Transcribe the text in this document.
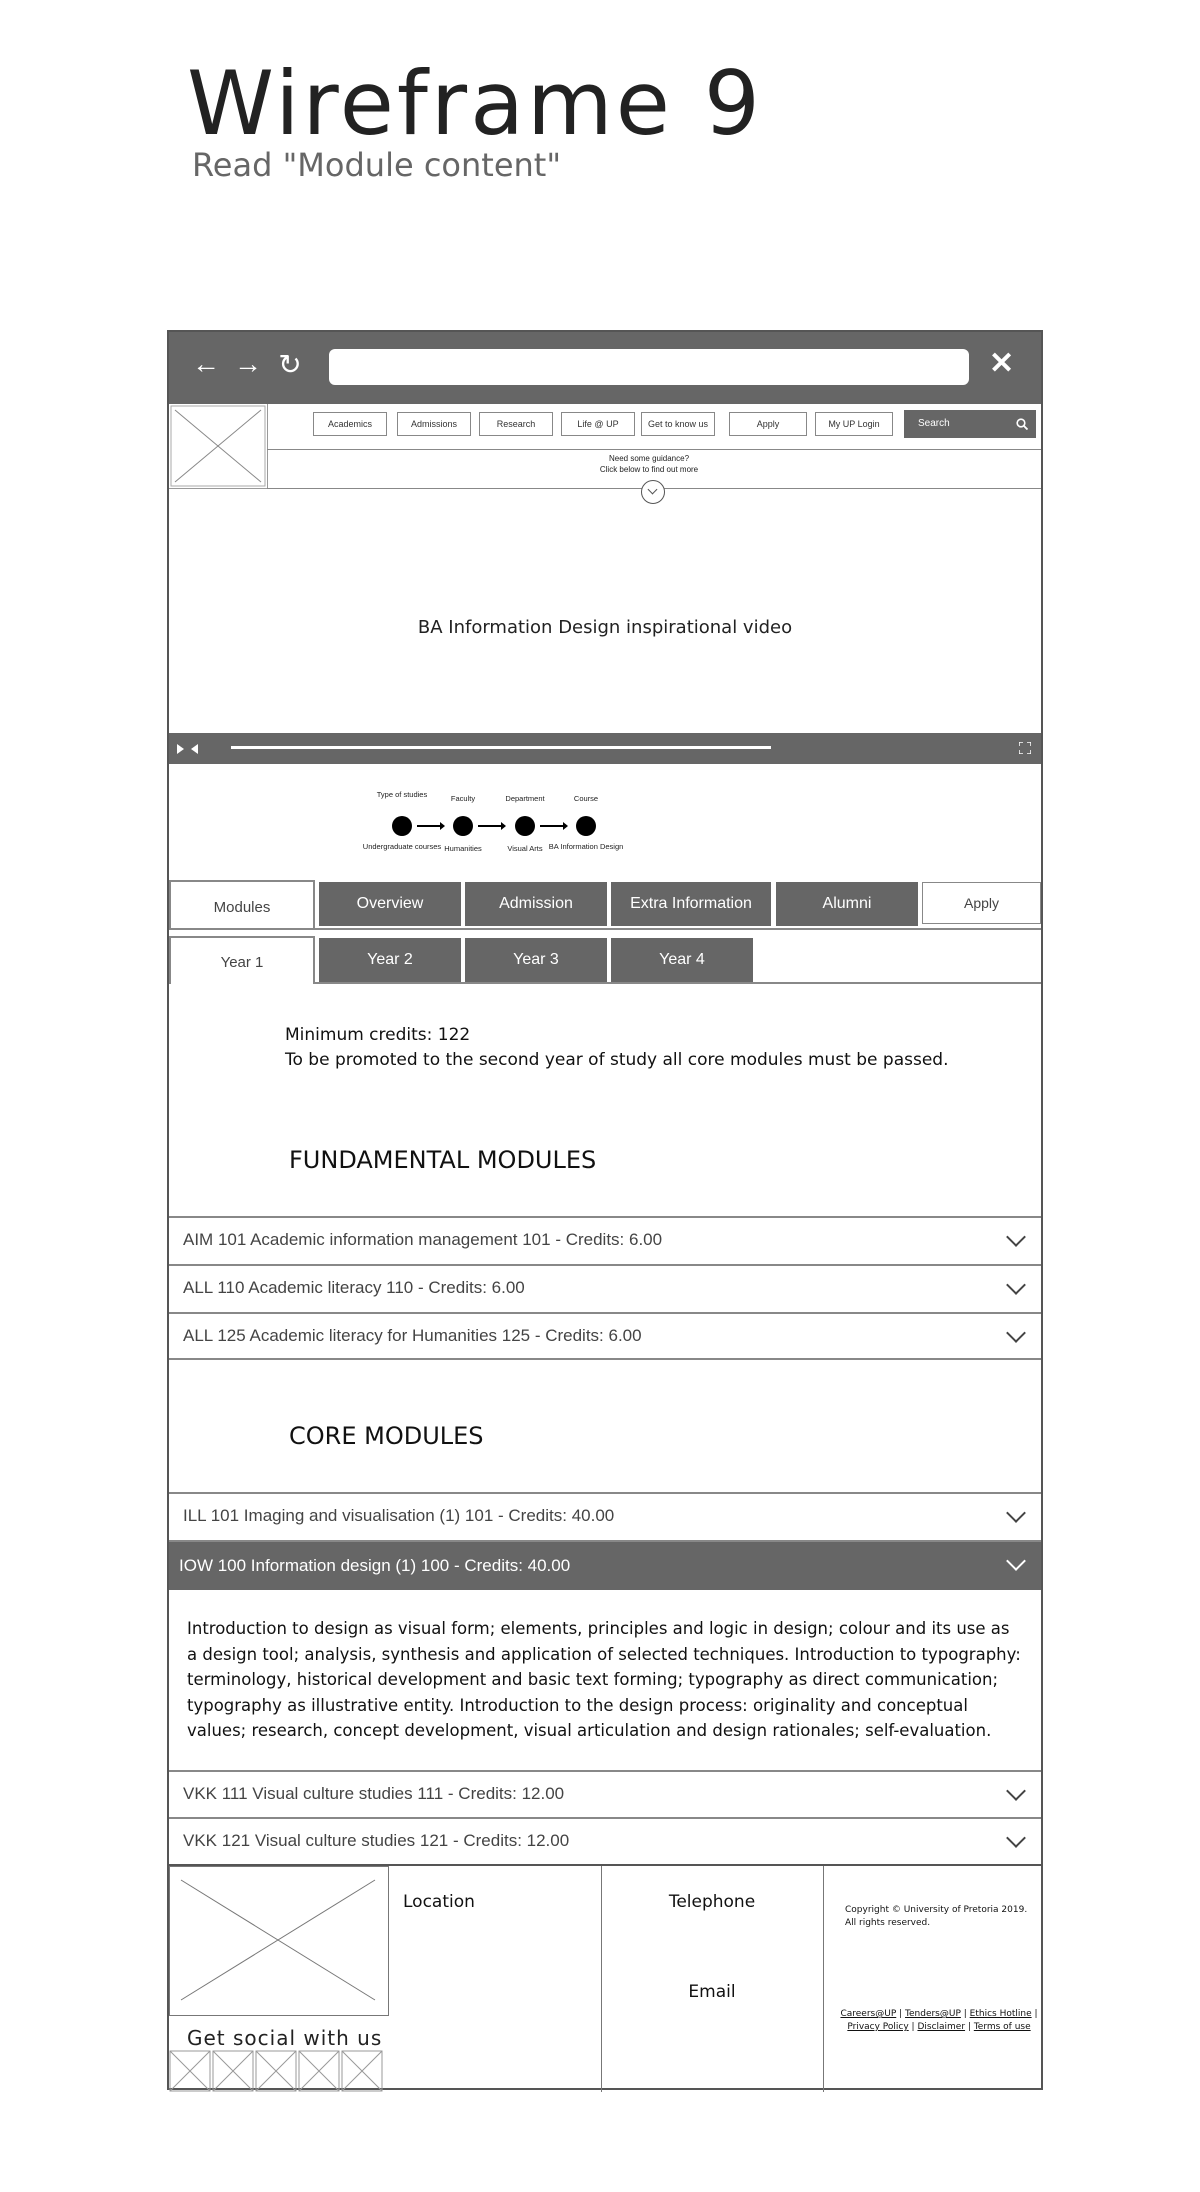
Wireframe 9
Read "Module content"
← → ↻	✕
Academics	Admissions	Research	Life @ UP	Get to know us	Apply	My UP Login	Search
Need some guidance?
Click below to find out more
BA Information Design inspirational video
Type of studies	Faculty	Department	Course
Undergraduate courses Humanities	Visual Arts BA Information Design
Modules	Overview	Admission	Extra Information	Alumni	Apply
Year 1	Year 2	Year 3	Year 4
Minimum credits: 122
To be promoted to the second year of study all core modules must be passed.
FUNDAMENTAL MODULES
AIM 101 Academic information management 101 - Credits: 6.00
ALL 110 Academic literacy 110 - Credits: 6.00
ALL 125 Academic literacy for Humanities 125 - Credits: 6.00
CORE MODULES
ILL 101 Imaging and visualisation (1) 101 - Credits: 40.00
IOW 100 Information design (1) 100 - Credits: 40.00
Introduction to design as visual form; elements, principles and logic in design; colour and its use as a design tool; analysis, synthesis and application of selected techniques. Introduction to typography: terminology, historical development and basic text forming; typography as direct communication; typography as illustrative entity. Introduction to the design process: originality and conceptual values; research, concept development, visual articulation and design rationales; self-evaluation.
VKK 111 Visual culture studies 111 - Credits: 12.00
VKK 121 Visual culture studies 121 - Credits: 12.00
Get social with us
Location	Telephone
Email
Copyright © University of Pretoria 2019. All rights reserved.
Careers@UP | Tenders@UP | Ethics Hotline |
Privacy Policy | Disclaimer | Terms of use
